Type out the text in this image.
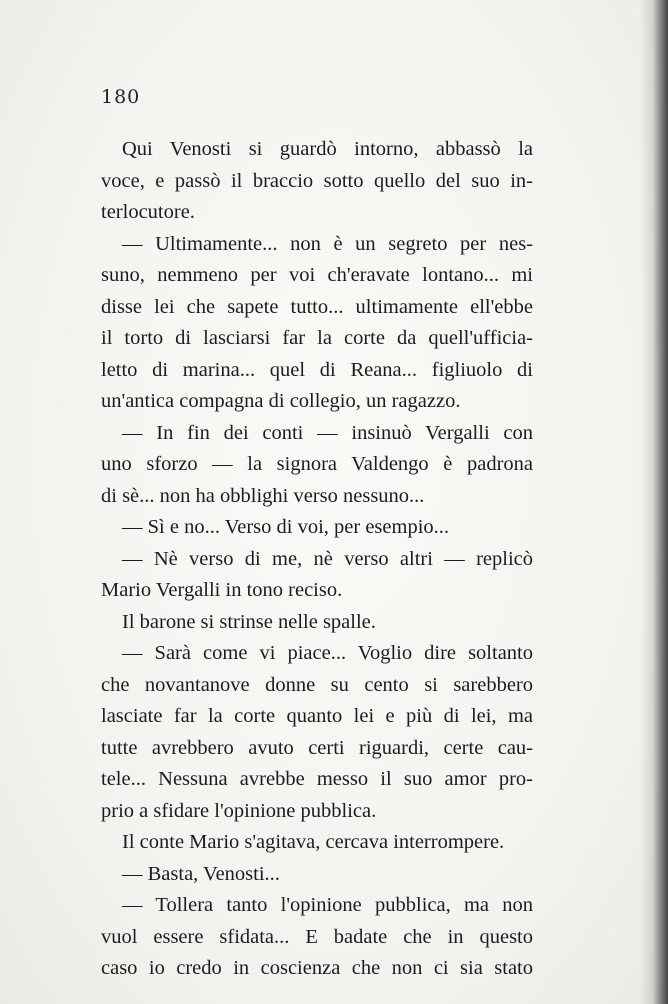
180
Qui Venosti si guardò intorno, abbassò la
voce, e passò il braccio sotto quello del suo in-
terlocutore.
— Ultimamente... non è un segreto per nes-
suno, nemmeno per voi ch'eravate lontano... mi
disse lei che sapete tutto... ultimamente ell'ebbe
il torto di lasciarsi far la corte da quell'ufficia-
letto di marina... quel di Reana... figliuolo di
un'antica compagna di collegio, un ragazzo.
— In fin dei conti — insinuò Vergalli con
uno sforzo — la signora Valdengo è padrona
di sè... non ha obblighi verso nessuno...
— Sì e no... Verso di voi, per esempio...
— Nè verso di me, nè verso altri — replicò
Mario Vergalli in tono reciso.
Il barone si strinse nelle spalle.
— Sarà come vi piace... Voglio dire soltanto
che novantanove donne su cento si sarebbero
lasciate far la corte quanto lei e più di lei, ma
tutte avrebbero avuto certi riguardi, certe cau-
tele... Nessuna avrebbe messo il suo amor pro-
prio a sfidare l'opinione pubblica.
Il conte Mario s'agitava, cercava interrompere.
— Basta, Venosti...
— Tollera tanto l'opinione pubblica, ma non
vuol essere sfidata... E badate che in questo
caso io credo in coscienza che non ci sia stato
